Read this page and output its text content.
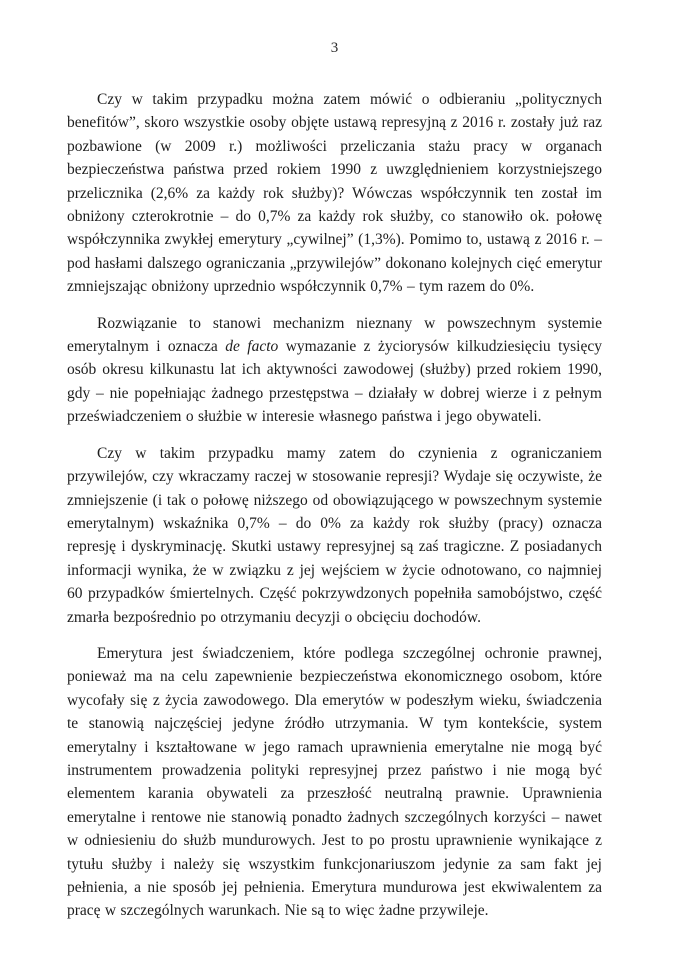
3

Czy w takim przypadku można zatem mówić o odbieraniu „politycznych benefitów”, skoro wszystkie osoby objęte ustawą represyjną z 2016 r. zostały już raz pozbawione (w 2009 r.) możliwości przeliczania stażu pracy w organach bezpieczeństwa państwa przed rokiem 1990 z uwzględnieniem korzystniejszego przelicznika (2,6% za każdy rok służby)? Wówczas współczynnik ten został im obniżony czterokrotnie – do 0,7% za każdy rok służby, co stanowiło ok. połowę współczynnika zwykłej emerytury „cywilnej” (1,3%). Pomimo to, ustawą z 2016 r. – pod hasłami dalszego ograniczania „przywilejów” dokonano kolejnych cięć emerytur zmniejszając obniżony uprzednio współczynnik 0,7% – tym razem do 0%.

Rozwiązanie to stanowi mechanizm nieznany w powszechnym systemie emerytalnym i oznacza de facto wymazanie z życiorysów kilkudziesięciu tysięcy osób okresu kilkunastu lat ich aktywności zawodowej (służby) przed rokiem 1990, gdy – nie popełniając żadnego przestępstwa – działały w dobrej wierze i z pełnym przeświadczeniem o służbie w interesie własnego państwa i jego obywateli.

Czy w takim przypadku mamy zatem do czynienia z ograniczaniem przywilejów, czy wkraczamy raczej w stosowanie represji? Wydaje się oczywiste, że zmniejszenie (i tak o połowę niższego od obowiązującego w powszechnym systemie emerytalnym) wskaźnika 0,7% – do 0% za każdy rok służby (pracy) oznacza represję i dyskryminację. Skutki ustawy represyjnej są zaś tragiczne. Z posiadanych informacji wynika, że w związku z jej wejściem w życie odnotowano, co najmniej 60 przypadków śmiertelnych. Część pokrzywdzonych popełniła samobójstwo, część zmarła bezpośrednio po otrzymaniu decyzji o obcięciu dochodów.

Emerytura jest świadczeniem, które podlega szczególnej ochronie prawnej, ponieważ ma na celu zapewnienie bezpieczeństwa ekonomicznego osobom, które wycofały się z życia zawodowego. Dla emerytów w podeszłym wieku, świadczenia te stanowią najczęściej jedyne źródło utrzymania. W tym kontekście, system emerytalny i kształtowane w jego ramach uprawnienia emerytalne nie mogą być instrumentem prowadzenia polityki represyjnej przez państwo i nie mogą być elementem karania obywateli za przeszłość neutralną prawnie. Uprawnienia emerytalne i rentowe nie stanowią ponadto żadnych szczególnych korzyści – nawet w odniesieniu do służb mundurowych. Jest to po prostu uprawnienie wynikające z tytułu służby i należy się wszystkim funkcjonariuszom jedynie za sam fakt jej pełnienia, a nie sposób jej pełnienia. Emerytura mundurowa jest ekwiwalentem za pracę w szczególnych warunkach. Nie są to więc żadne przywileje.
